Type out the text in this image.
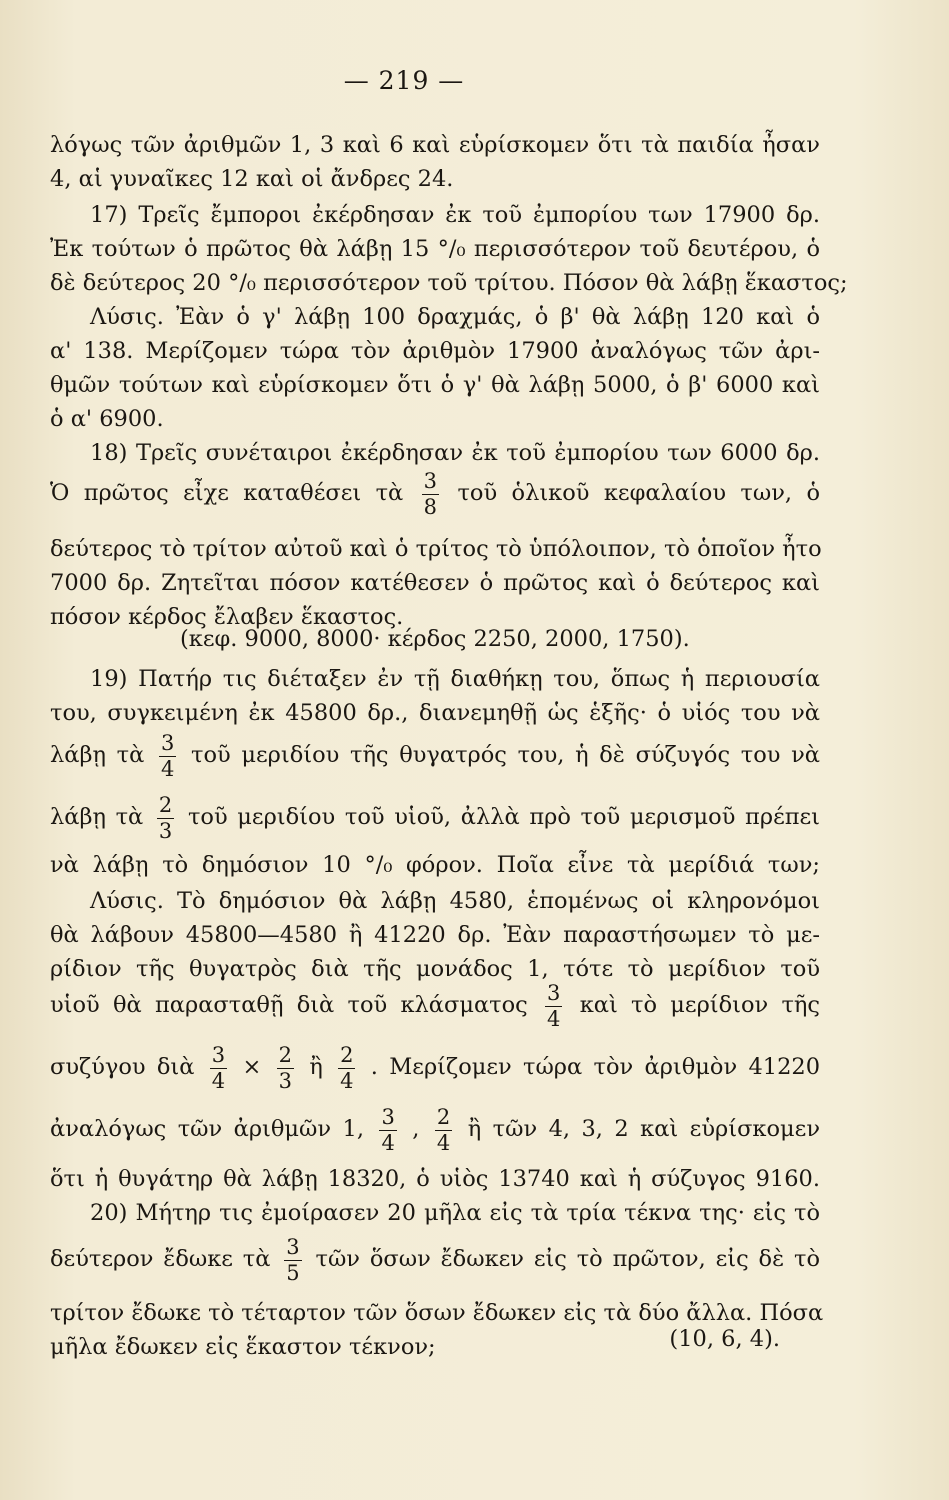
— 219 —
λόγως τῶν ἀριθμῶν 1, 3 καὶ 6 καὶ εὑρίσκομεν ὅτι τὰ παιδία ἦσαν
4, αἱ γυναῖκες 12 καὶ οἱ ἄνδρες 24.
17) Τρεῖς ἔμποροι ἐκέρδησαν ἐκ τοῦ ἐμπορίου των 17900 δρ.
Ἐκ τούτων ὁ πρῶτος θὰ λάβῃ 15 °/₀ περισσότερον τοῦ δευτέρου, ὁ
δὲ δεύτερος 20 °/₀ περισσότερον τοῦ τρίτου. Πόσον θὰ λάβῃ ἕκαστος;
Λύσις. Ἐὰν ὁ γ' λάβῃ 100 δραχμάς, ὁ β' θὰ λάβῃ 120 καὶ ὁ
α' 138. Μερίζομεν τώρα τὸν ἀριθμὸν 17900 ἀναλόγως τῶν ἀρι-
θμῶν τούτων καὶ εὑρίσκομεν ὅτι ὁ γ' θὰ λάβῃ 5000, ὁ β' 6000 καὶ
ὁ α' 6900.
18) Τρεῖς συνέταιροι ἐκέρδησαν ἐκ τοῦ ἐμπορίου των 6000 δρ.
Ὁ πρῶτος εἶχε καταθέσει τὰ $\frac{3}{8}$ τοῦ ὁλικοῦ κεφαλαίου των, ὁ
δεύτερος τὸ τρίτον αὐτοῦ καὶ ὁ τρίτος τὸ ὑπόλοιπον, τὸ ὁποῖον ἦτο
7000 δρ. Ζητεῖται πόσον κατέθεσεν ὁ πρῶτος καὶ ὁ δεύτερος καὶ
πόσον κέρδος ἔλαβεν ἕκαστος.
(κεφ. 9000, 8000· κέρδος 2250, 2000, 1750).
19) Πατήρ τις διέταξεν ἐν τῇ διαθήκῃ του, ὅπως ἡ περιουσία
του, συγκειμένη ἐκ 45800 δρ., διανεμηθῇ ὡς ἑξῆς· ὁ υἱός του νὰ
λάβῃ τὰ $\frac{3}{4}$ τοῦ μεριδίου τῆς θυγατρός του, ἡ δὲ σύζυγός του νὰ
λάβῃ τὰ $\frac{2}{3}$ τοῦ μεριδίου τοῦ υἱοῦ, ἀλλὰ πρὸ τοῦ μερισμοῦ πρέπει
νὰ λάβῃ τὸ δημόσιον 10 °/₀ φόρον. Ποῖα εἶνε τὰ μερίδιά των;
Λύσις. Τὸ δημόσιον θὰ λάβῃ 4580, ἑπομένως οἱ κληρονόμοι
θὰ λάβουν 45800—4580 ἢ 41220 δρ. Ἐὰν παραστήσωμεν τὸ με-
ρίδιον τῆς θυγατρὸς διὰ τῆς μονάδος 1, τότε τὸ μερίδιον τοῦ
υἱοῦ θὰ παρασταθῇ διὰ τοῦ κλάσματος $\frac{3}{4}$ καὶ τὸ μερίδιον τῆς
συζύγου διὰ $\frac{3}{4} \times \frac{2}{3}$ ἢ $\frac{2}{4}$ . Μερίζομεν τώρα τὸν ἀριθμὸν 41220
ἀναλόγως τῶν ἀριθμῶν 1, $\frac{3}{4}$ , $\frac{2}{4}$ ἢ τῶν 4, 3, 2 καὶ εὑρίσκομεν
ὅτι ἡ θυγάτηρ θὰ λάβῃ 18320, ὁ υἱὸς 13740 καὶ ἡ σύζυγος 9160.
20) Μήτηρ τις ἐμοίρασεν 20 μῆλα εἰς τὰ τρία τέκνα της· εἰς τὸ
δεύτερον ἔδωκε τὰ $\frac{3}{5}$ τῶν ὅσων ἔδωκεν εἰς τὸ πρῶτον, εἰς δὲ τὸ
τρίτον ἔδωκε τὸ τέταρτον τῶν ὅσων ἔδωκεν εἰς τὰ δύο ἄλλα. Πόσα
μῆλα ἔδωκεν εἰς ἕκαστον τέκνον;	(10, 6, 4).
